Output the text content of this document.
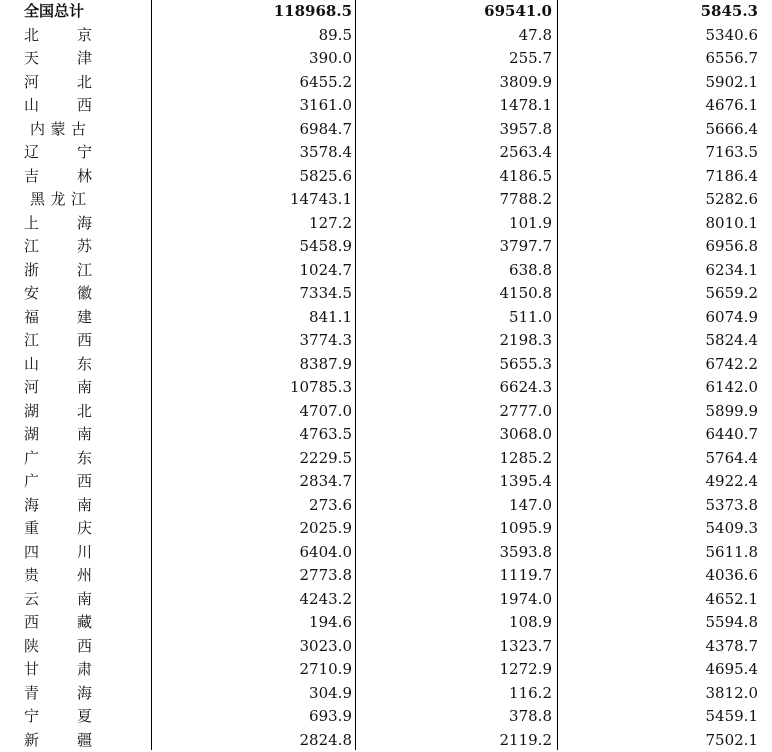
全国总计	118968.5	69541.0	5845.3
北京	89.5	47.8	5340.6
天津	390.0	255.7	6556.7
河北	6455.2	3809.9	5902.1
山西	3161.0	1478.1	4676.1
内蒙古	6984.7	3957.8	5666.4
辽宁	3578.4	2563.4	7163.5
吉林	5825.6	4186.5	7186.4
黑龙江	14743.1	7788.2	5282.6
上海	127.2	101.9	8010.1
江苏	5458.9	3797.7	6956.8
浙江	1024.7	638.8	6234.1
安徽	7334.5	4150.8	5659.2
福建	841.1	511.0	6074.9
江西	3774.3	2198.3	5824.4
山东	8387.9	5655.3	6742.2
河南	10785.3	6624.3	6142.0
湖北	4707.0	2777.0	5899.9
湖南	4763.5	3068.0	6440.7
广东	2229.5	1285.2	5764.4
广西	2834.7	1395.4	4922.4
海南	273.6	147.0	5373.8
重庆	2025.9	1095.9	5409.3
四川	6404.0	3593.8	5611.8
贵州	2773.8	1119.7	4036.6
云南	4243.2	1974.0	4652.1
西藏	194.6	108.9	5594.8
陕西	3023.0	1323.7	4378.7
甘肃	2710.9	1272.9	4695.4
青海	304.9	116.2	3812.0
宁夏	693.9	378.8	5459.1
新疆	2824.8	2119.2	7502.1
